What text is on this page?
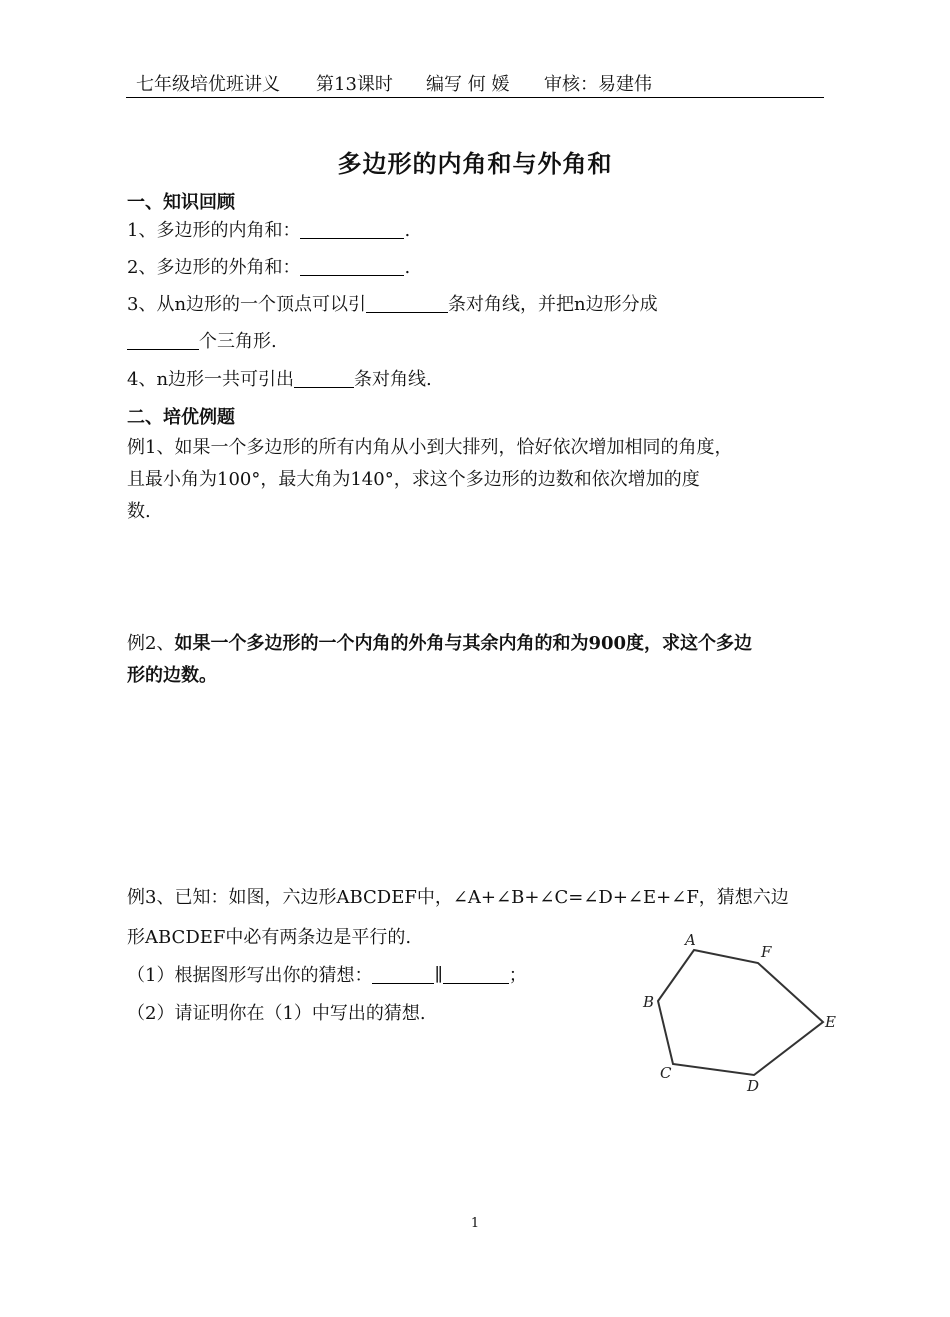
七年级培优班讲义

第13课时

编写 何 媛

审核：易建伟

多边形的内角和与外角和
一、知识回顾
1、多边形的内角和：	.
2、多边形的外角和：	.
3、从n边形的一个顶点可以引	条对角线，并把n边形分成
个三角形.
4、n边形一共可引出	条对角线.
二、培优例题
例1、如果一个多边形的所有内角从小到大排列，恰好依次增加相同的角度，
且最小角为100°，最大角为140°，求这个多边形的边数和依次增加的度
数.
例2、如果一个多边形的一个内角的外角与其余内角的和为900度，求这个多边
形的边数。
例3、已知：如图，六边形ABCDEF中，∠A+∠B+∠C=∠D+∠E+∠F，猜想六边
形ABCDEF中必有两条边是平行的.
（1）根据图形写出你的猜想：	∥	；
（2）请证明你在（1）中写出的猜想.
A
F
E
D
C
B
1
